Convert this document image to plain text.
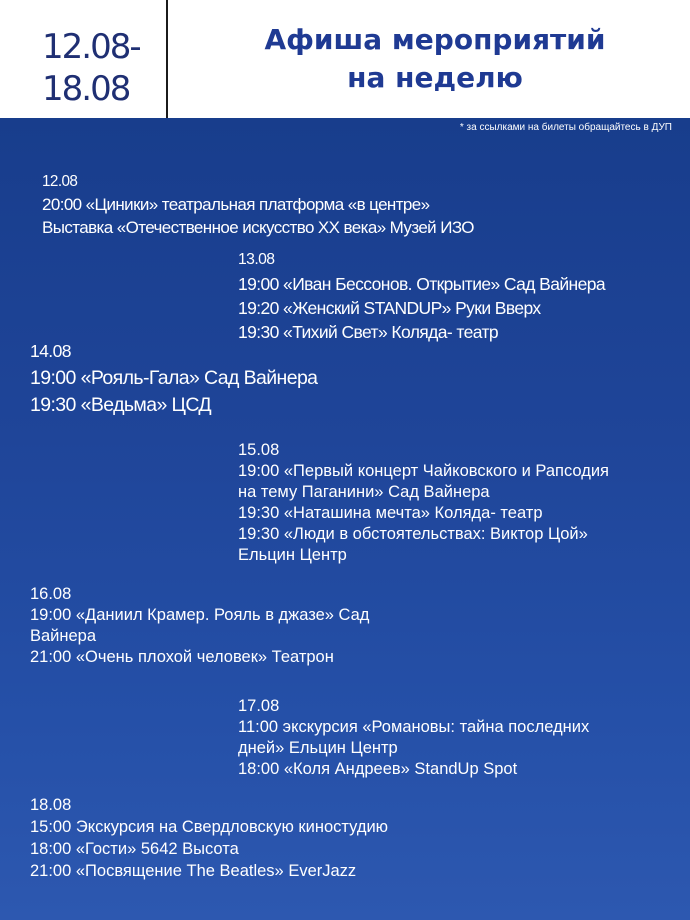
12.08-
18.08
Афиша мероприятий
на неделю
* за ссылками на билеты обращайтесь в ДУП
12.08
20:00 «Циники» театральная платформа «в центре»
Выставка «Отечественное искусство XX века» Музей ИЗО
13.08
19:00 «Иван Бессонов. Открытие» Сад Вайнера
19:20 «Женский STANDUP» Руки Вверх
19:30 «Тихий Свет» Коляда- театр
14.08
19:00 «Рояль-Гала» Сад Вайнера
19:30 «Ведьма» ЦСД
15.08
19:00 «Первый концерт Чайковского и Рапсодия
на тему Паганини» Сад Вайнера
19:30 «Наташина мечта» Коляда- театр
19:30 «Люди в обстоятельствах: Виктор Цой»
Ельцин Центр
16.08
19:00 «Даниил Крамер. Рояль в джазе» Сад
Вайнера
21:00 «Очень плохой человек» Театрон
17.08
11:00 экскурсия «Романовы: тайна последних
дней» Ельцин Центр
18:00 «Коля Андреев» StandUp Spot
18.08
15:00 Экскурсия на Свердловскую киностудию
18:00 «Гости» 5642 Высота
21:00 «Посвящение The Beatles» EverJazz
